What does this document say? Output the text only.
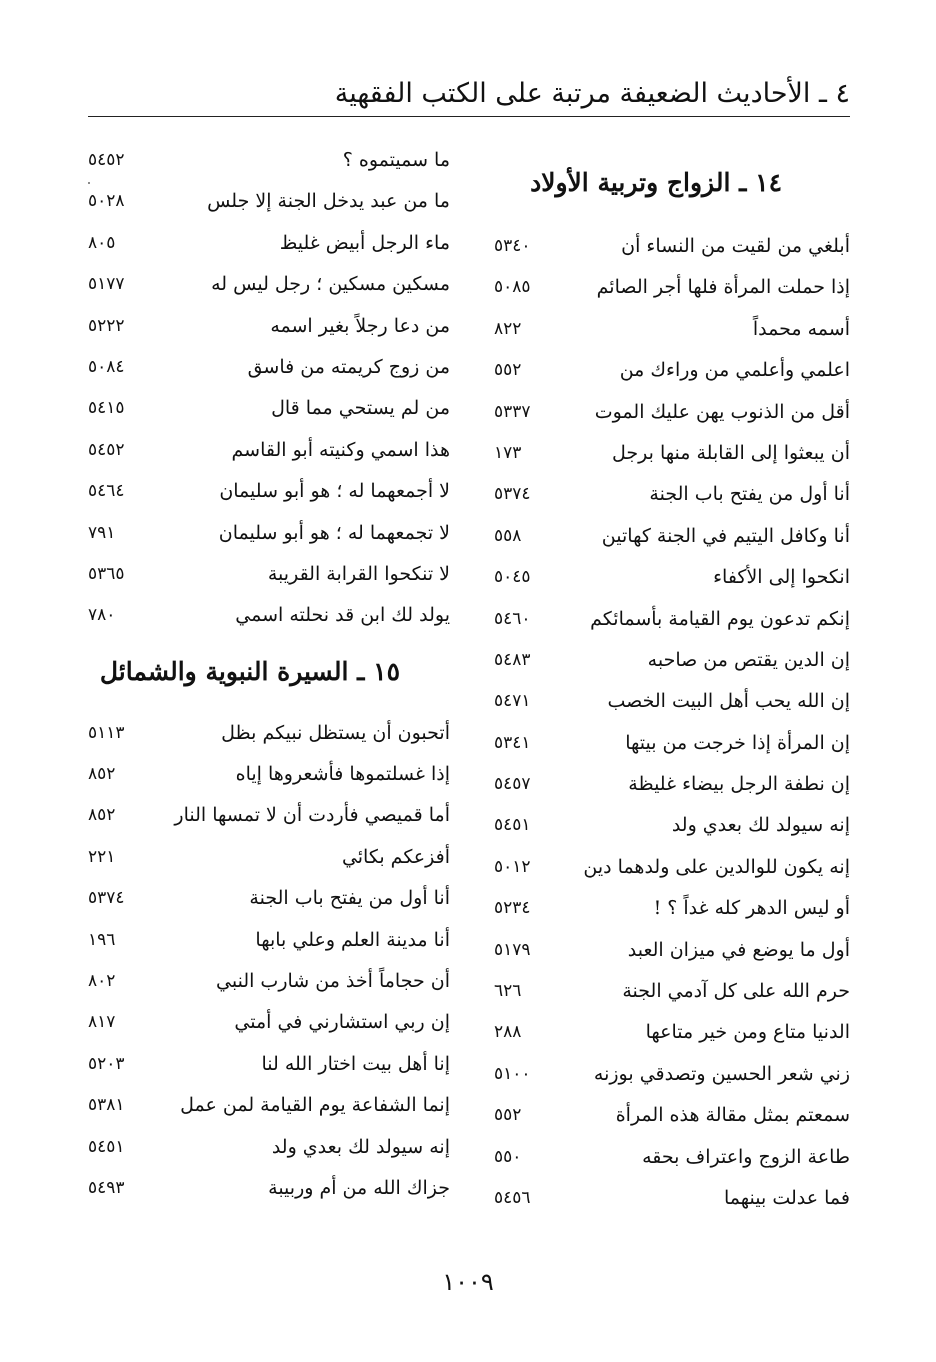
٤ ـ الأحاديث الضعيفة مرتبة على الكتب الفقهية
١٤ ـ الزواج وتربية الأولاد
أبلغي من لقيت من النساء أن
٥٣٤٠
إذا حملت المرأة فلها أجر الصائم
٥٠٨٥
أسمه محمداً
٨٢٢
اعلمي وأعلمي من وراءك من
٥٥٢
أقل من الذنوب يهن عليك الموت
٥٣٣٧
أن يبعثوا إلى القابلة منها برجل
١٧٣
أنا أول من يفتح باب الجنة
٥٣٧٤
أنا وكافل اليتيم في الجنة كهاتين
٥٥٨
انكحوا إلى الأكفاء
٥٠٤٥
إنكم تدعون يوم القيامة بأسمائكم
٥٤٦٠
إن الدين يقتص من صاحبه
٥٤٨٣
إن الله يحب أهل البيت الخصب
٥٤٧١
إن المرأة إذا خرجت من بيتها
٥٣٤١
إن نطفة الرجل بيضاء غليظة
٥٤٥٧
إنه سيولد لك بعدي ولد
٥٤٥١
إنه يكون للوالدين على ولدهما دين
٥٠١٢
أو ليس الدهر كله غداً ؟ !
٥٢٣٤
أول ما يوضع في ميزان العبد
٥١٧٩
حرم الله على كل آدمي الجنة
٦٢٦
الدنيا متاع ومن خير متاعها
٢٨٨
زني شعر الحسين وتصدقي بوزنه
٥١٠٠
سمعتم بمثل مقالة هذه المرأة
٥٥٢
طاعة الزوج واعتراف بحقه
٥٥٠
فما عدلت بينهما
٥٤٥٦
ما سميتموه ؟
٥٤٥٢
ما من عبد يدخل الجنة إلا جلس
٥٠٢٨
ماء الرجل أبيض غليظ
٨٠٥
مسكين مسكين ؛ رجل ليس له
٥١٧٧
من دعا رجلاً بغير اسمه
٥٢٢٢
من زوج كريمته من فاسق
٥٠٨٤
من لم يستحي مما قال
٥٤١٥
هذا اسمي وكنيته أبو القاسم
٥٤٥٢
لا أجمعهما له ؛ هو أبو سليمان
٥٤٦٤
لا تجمعهما له ؛ هو أبو سليمان
٧٩١
لا تنكحوا القرابة القريبة
٥٣٦٥
يولد لك ابن قد نحلته اسمي
٧٨٠
١٥ ـ السيرة النبوية والشمائل
أتحبون أن يستظل نبيكم بظل
٥١١٣
إذا غسلتموها فأشعروها إياه
٨٥٢
أما قميصي فأردت أن لا تمسها النار
٨٥٢
أفزعكم بكائي
٢٢١
أنا أول من يفتح باب الجنة
٥٣٧٤
أنا مدينة العلم وعلي بابها
١٩٦
أن حجاماً أخذ من شارب النبي
٨٠٢
إن ربي استشارني في أمتي
٨١٧
إنا أهل بيت اختار الله لنا
٥٢٠٣
إنما الشفاعة يوم القيامة لمن عمل
٥٣٨١
إنه سيولد لك بعدي ولد
٥٤٥١
جزاك الله من أم وربيبة
٥٤٩٣
١٠٠٩
